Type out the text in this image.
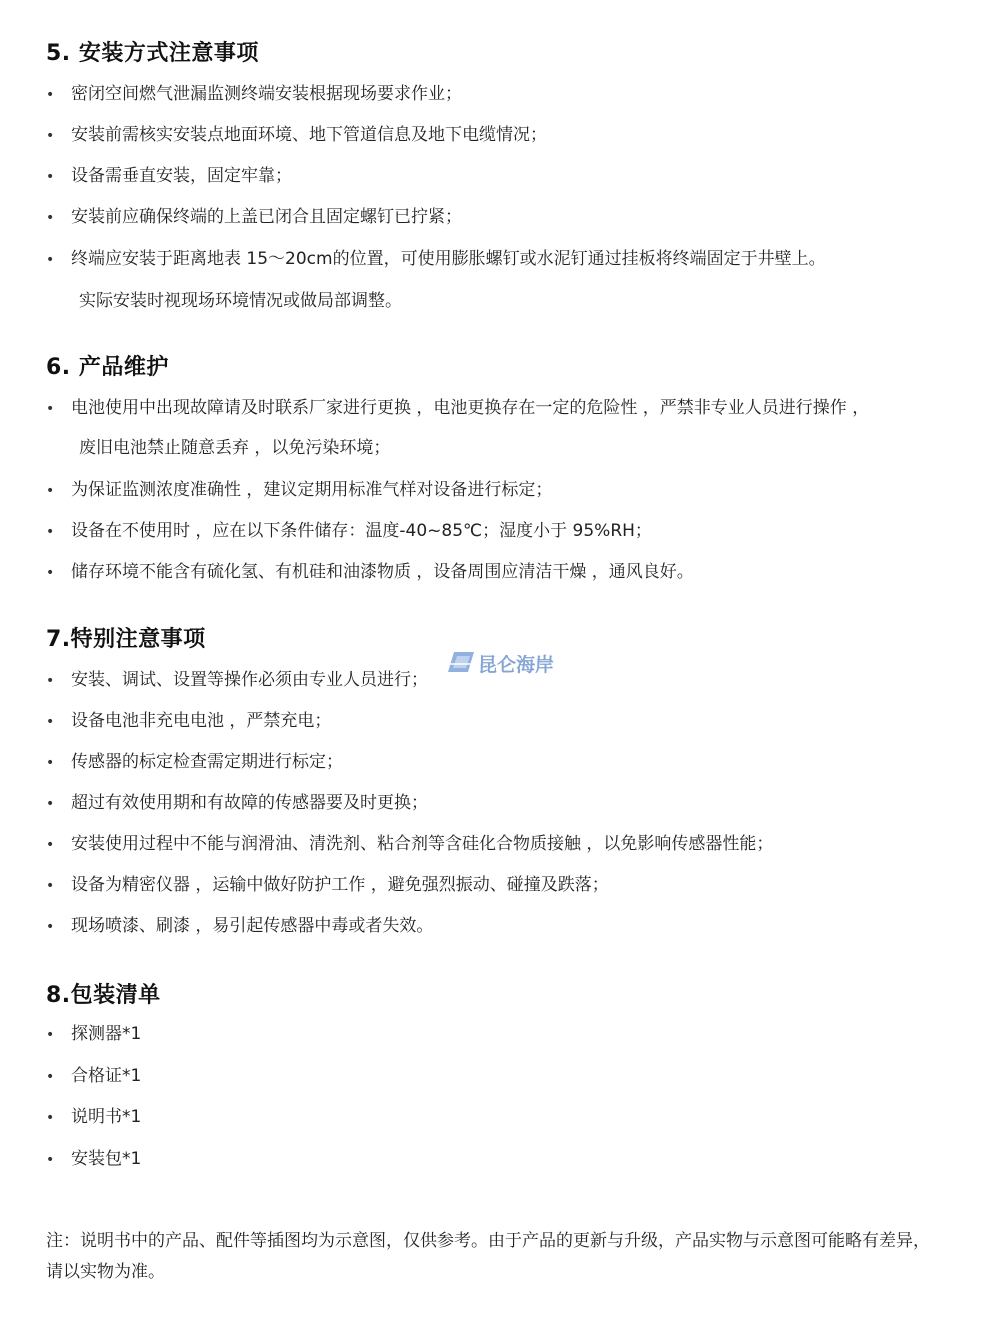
5. 安装方式注意事项
• 密闭空间燃气泄漏监测终端安装根据现场要求作业；
• 安装前需核实安装点地面环境、地下管道信息及地下电缆情况；
• 设备需垂直安装，固定牢靠；
• 安装前应确保终端的上盖已闭合且固定螺钉已拧紧；
• 终端应安装于距离地表 15～20cm的位置，可使用膨胀螺钉或水泥钉通过挂板将终端固定于井壁上。
实际安装时视现场环境情况或做局部调整。
6. 产品维护
• 电池使用中出现故障请及时联系厂家进行更换 ，电池更换存在一定的危险性 ，严禁非专业人员进行操作 ，
废旧电池禁止随意丢弃 ，以免污染环境；
• 为保证监测浓度准确性 ，建议定期用标准气样对设备进行标定；
• 设备在不使用时 ，应在以下条件储存：温度-40~85℃；湿度小于 95%RH；
• 储存环境不能含有硫化氢、有机硅和油漆物质 ，设备周围应清洁干燥 ，通风良好。
7.特别注意事项
• 安装、调试、设置等操作必须由专业人员进行；
• 设备电池非充电电池 ，严禁充电；
• 传感器的标定检查需定期进行标定；
• 超过有效使用期和有故障的传感器要及时更换；
• 安装使用过程中不能与润滑油、清洗剂、粘合剂等含硅化合物质接触 ，以免影响传感器性能；
• 设备为精密仪器 ，运输中做好防护工作 ，避免强烈振动、碰撞及跌落；
• 现场喷漆、刷漆 ，易引起传感器中毒或者失效。
8.包装清单
• 探测器*1
• 合格证*1
• 说明书*1
• 安装包*1
注：说明书中的产品、配件等插图均为示意图，仅供参考。由于产品的更新与升级，产品实物与示意图可能略有差异，请以实物为准。
昆仑海岸
